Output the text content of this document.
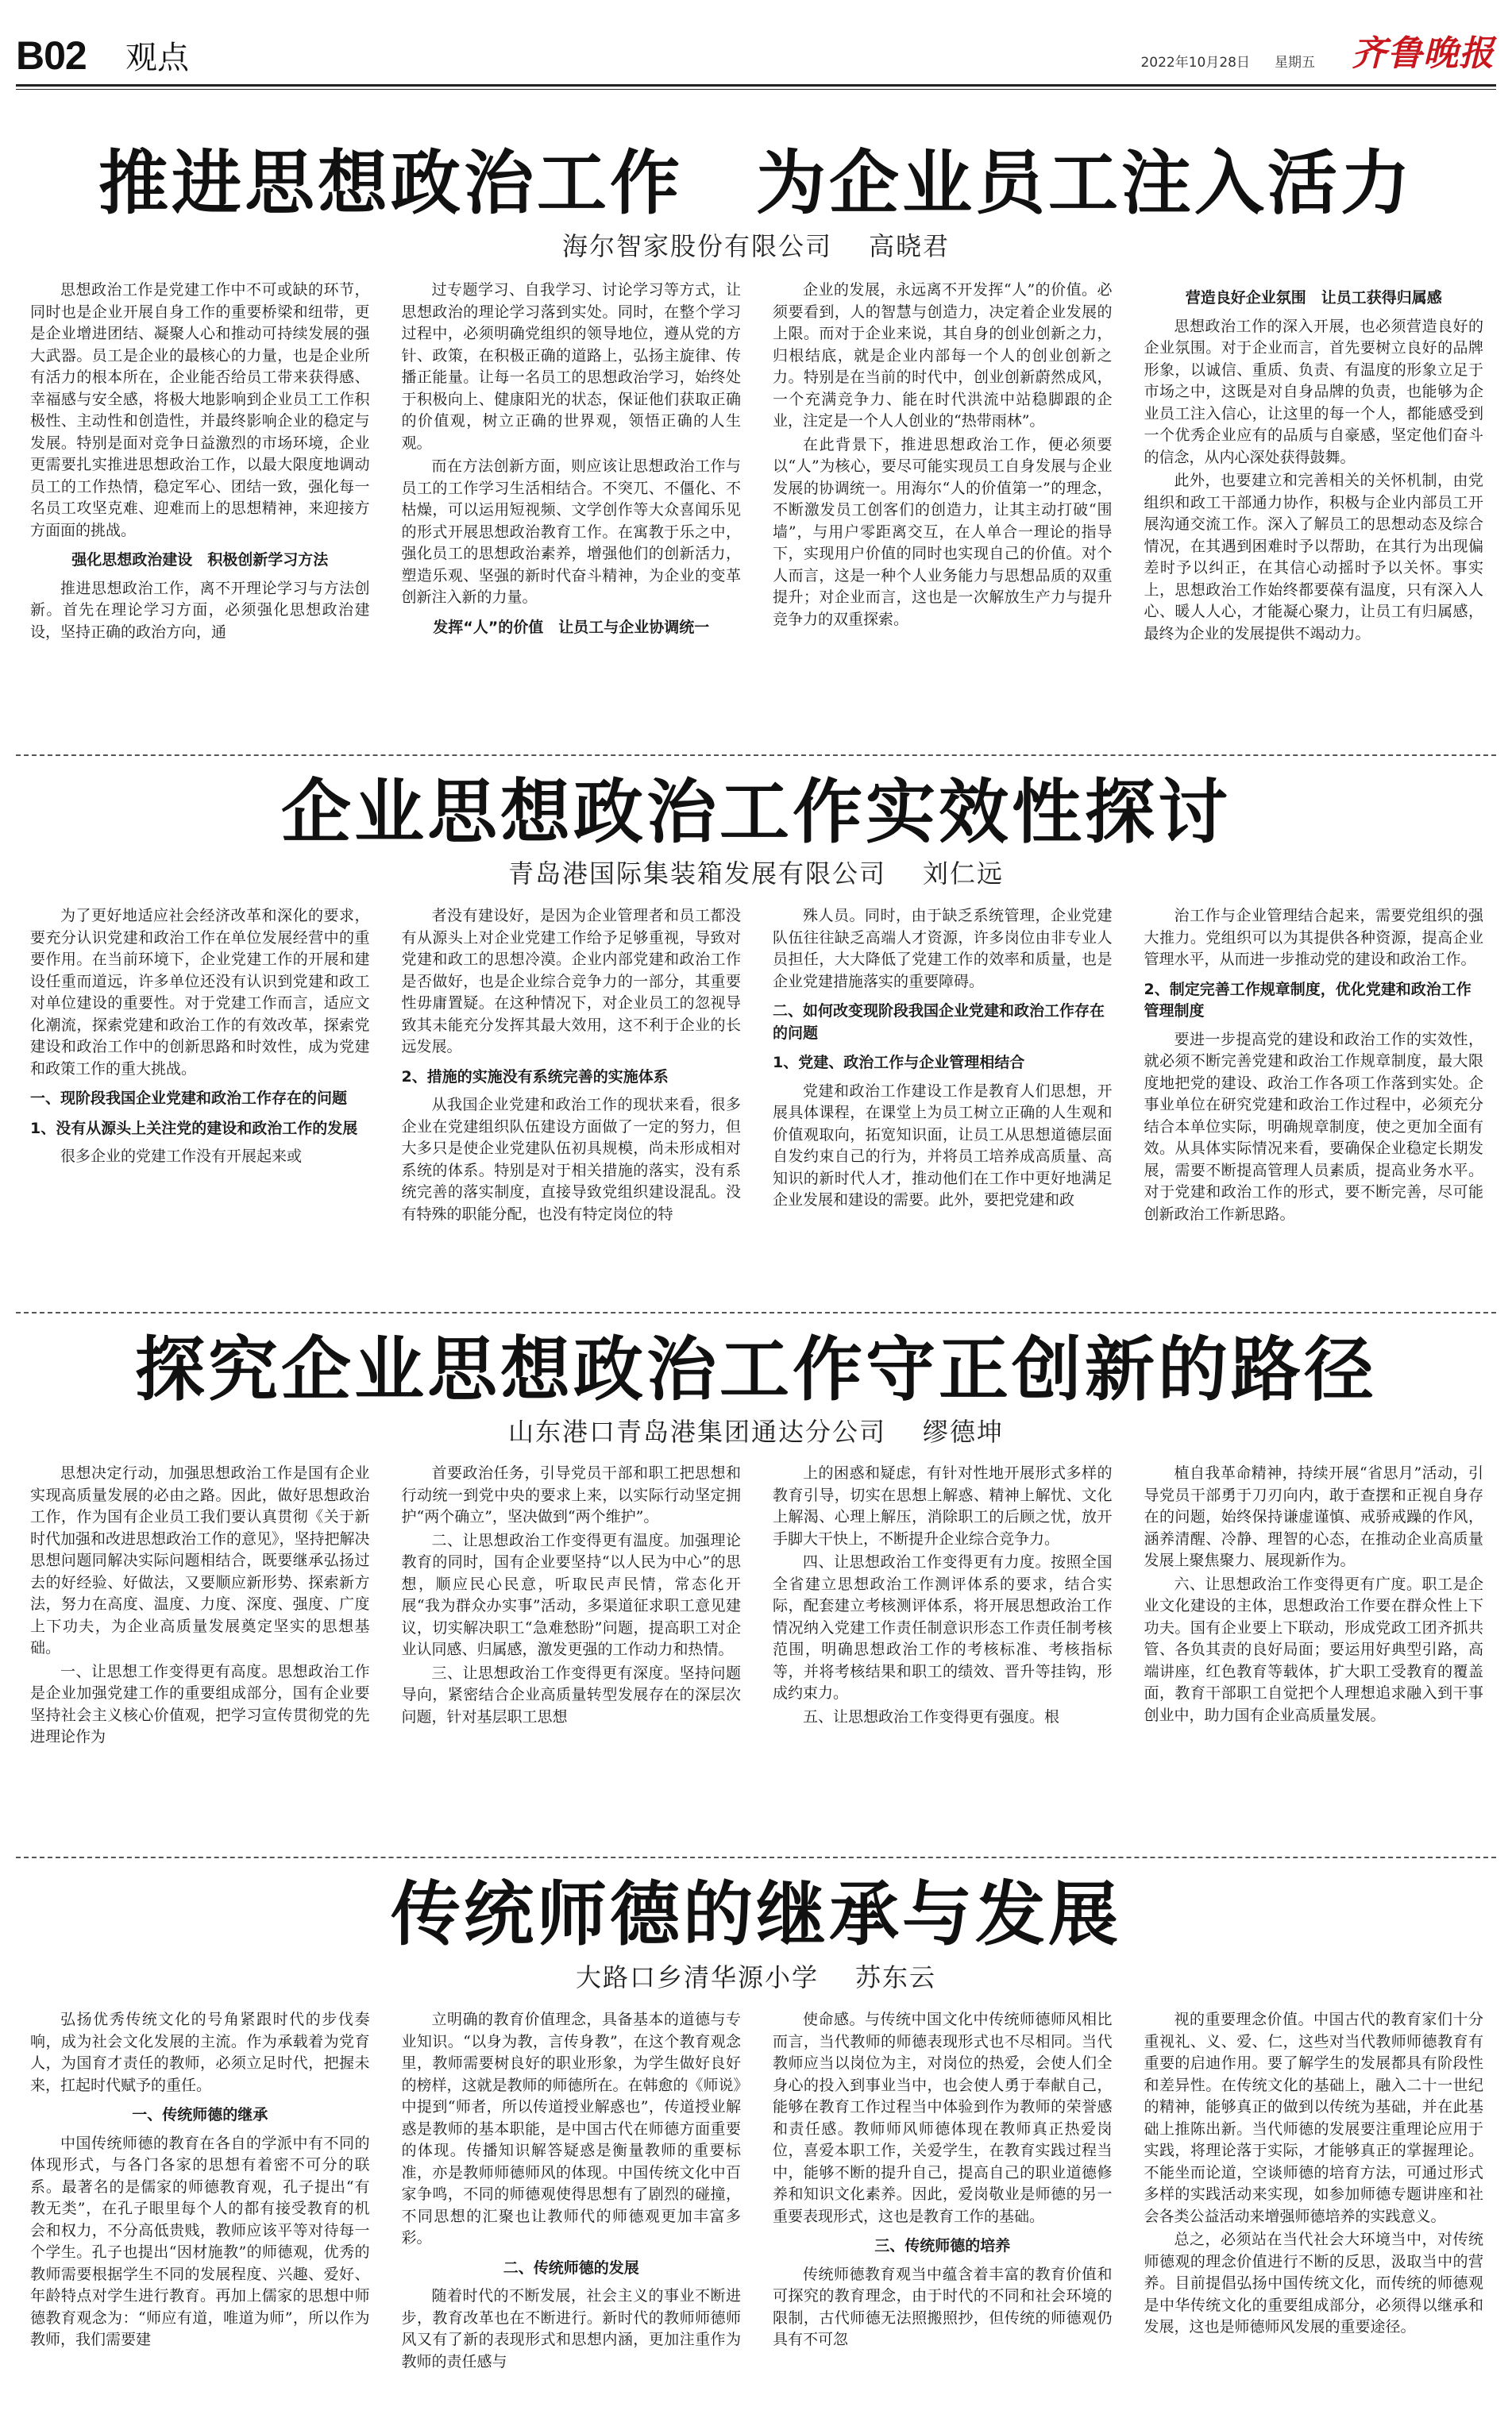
B02 观点	2022年10月28日 星期五 齐鲁晚报
推进思想政治工作　为企业员工注入活力
海尔智家股份有限公司 高晓君

思想政治工作是党建工作中不可或缺的环节，同时也是企业开展自身工作的重要桥梁和纽带，更是企业增进团结、凝聚人心和推动可持续发展的强大武器。员工是企业的最核心的力量，也是企业所有活力的根本所在，企业能否给员工带来获得感、幸福感与安全感，将极大地影响到企业员工工作积极性、主动性和创造性，并最终影响企业的稳定与发展。特别是面对竞争日益激烈的市场环境，企业更需要扎实推进思想政治工作，以最大限度地调动员工的工作热情，稳定军心、团结一致，强化每一名员工攻坚克难、迎难而上的思想精神，来迎接方方面面的挑战。

强化思想政治建设　积极创新学习方法

推进思想政治工作，离不开理论学习与方法创新。首先在理论学习方面，必须强化思想政治建设，坚持正确的政治方向，通

过专题学习、自我学习、讨论学习等方式，让思想政治的理论学习落到实处。同时，在整个学习过程中，必须明确党组织的领导地位，遵从党的方针、政策，在积极正确的道路上，弘扬主旋律、传播正能量。让每一名员工的思想政治学习，始终处于积极向上、健康阳光的状态，保证他们获取正确的价值观，树立正确的世界观，领悟正确的人生观。

而在方法创新方面，则应该让思想政治工作与员工的工作学习生活相结合。不突兀、不僵化、不枯燥，可以运用短视频、文学创作等大众喜闻乐见的形式开展思想政治教育工作。在寓教于乐之中，强化员工的思想政治素养，增强他们的创新活力，塑造乐观、坚强的新时代奋斗精神，为企业的变革创新注入新的力量。

发挥“人”的价值　让员工与企业协调统一

企业的发展，永远离不开发挥“人”的价值。必须要看到，人的智慧与创造力，决定着企业发展的上限。而对于企业来说，其自身的创业创新之力，归根结底，就是企业内部每一个人的创业创新之力。特别是在当前的时代中，创业创新蔚然成风，一个充满竞争力、能在时代洪流中站稳脚跟的企业，注定是一个人人创业的“热带雨林”。

在此背景下，推进思想政治工作，便必须要以“人”为核心，要尽可能实现员工自身发展与企业发展的协调统一。用海尔“人的价值第一”的理念，不断激发员工创客们的创造力，让其主动打破“围墙”，与用户零距离交互，在人单合一理论的指导下，实现用户价值的同时也实现自己的价值。对个人而言，这是一种个人业务能力与思想品质的双重提升；对企业而言，这也是一次解放生产力与提升竞争力的双重探索。

营造良好企业氛围　让员工获得归属感

思想政治工作的深入开展，也必须营造良好的企业氛围。对于企业而言，首先要树立良好的品牌形象，以诚信、重质、负责、有温度的形象立足于市场之中，这既是对自身品牌的负责，也能够为企业员工注入信心，让这里的每一个人，都能感受到一个优秀企业应有的品质与自豪感，坚定他们奋斗的信念，从内心深处获得鼓舞。

此外，也要建立和完善相关的关怀机制，由党组织和政工干部通力协作，积极与企业内部员工开展沟通交流工作。深入了解员工的思想动态及综合情况，在其遇到困难时予以帮助，在其行为出现偏差时予以纠正，在其信心动摇时予以关怀。事实上，思想政治工作始终都要葆有温度，只有深入人心、暖人人心，才能凝心聚力，让员工有归属感，最终为企业的发展提供不竭动力。

企业思想政治工作实效性探讨
青岛港国际集装箱发展有限公司 刘仁远

为了更好地适应社会经济改革和深化的要求，要充分认识党建和政治工作在单位发展经营中的重要作用。在当前环境下，企业党建工作的开展和建设任重而道远，许多单位还没有认识到党建和政工对单位建设的重要性。对于党建工作而言，适应文化潮流，探索党建和政治工作的有效改革，探索党建设和政治工作中的创新思路和时效性，成为党建和政策工作的重大挑战。

一、现阶段我国企业党建和政治工作存在的问题

1、没有从源头上关注党的建设和政治工作的发展

很多企业的党建工作没有开展起来或

者没有建设好，是因为企业管理者和员工都没有从源头上对企业党建工作给予足够重视，导致对党建和政工的思想冷漠。企业内部党建和政治工作是否做好，也是企业综合竞争力的一部分，其重要性毋庸置疑。在这种情况下，对企业员工的忽视导致其未能充分发挥其最大效用，这不利于企业的长远发展。

2、措施的实施没有系统完善的实施体系

从我国企业党建和政治工作的现状来看，很多企业在党建组织队伍建设方面做了一定的努力，但大多只是使企业党建队伍初具规模，尚未形成相对系统的体系。特别是对于相关措施的落实，没有系统完善的落实制度，直接导致党组织建设混乱。没有特殊的职能分配，也没有特定岗位的特

殊人员。同时，由于缺乏系统管理，企业党建队伍往往缺乏高端人才资源，许多岗位由非专业人员担任，大大降低了党建工作的效率和质量，也是企业党建措施落实的重要障碍。

二、如何改变现阶段我国企业党建和政治工作存在的问题

1、党建、政治工作与企业管理相结合

党建和政治工作建设工作是教育人们思想，开展具体课程，在课堂上为员工树立正确的人生观和价值观取向，拓宽知识面，让员工从思想道德层面自发约束自己的行为，并将员工培养成高质量、高知识的新时代人才，推动他们在工作中更好地满足企业发展和建设的需要。此外，要把党建和政

治工作与企业管理结合起来，需要党组织的强大推力。党组织可以为其提供各种资源，提高企业管理水平，从而进一步推动党的建设和政治工作。

2、制定完善工作规章制度，优化党建和政治工作管理制度

要进一步提高党的建设和政治工作的实效性，就必须不断完善党建和政治工作规章制度，最大限度地把党的建设、政治工作各项工作落到实处。企事业单位在研究党建和政治工作过程中，必须充分结合本单位实际，明确规章制度，使之更加全面有效。从具体实际情况来看，要确保企业稳定长期发展，需要不断提高管理人员素质，提高业务水平。对于党建和政治工作的形式，要不断完善，尽可能创新政治工作新思路。

探究企业思想政治工作守正创新的路径
山东港口青岛港集团通达分公司 缪德坤

思想决定行动，加强思想政治工作是国有企业实现高质量发展的必由之路。因此，做好思想政治工作，作为国有企业员工我们要认真贯彻《关于新时代加强和改进思想政治工作的意见》，坚持把解决思想问题同解决实际问题相结合，既要继承弘扬过去的好经验、好做法，又要顺应新形势、探索新方法，努力在高度、温度、力度、深度、强度、广度上下功夫，为企业高质量发展奠定坚实的思想基础。

一、让思想工作变得更有高度。思想政治工作是企业加强党建工作的重要组成部分，国有企业要坚持社会主义核心价值观，把学习宣传贯彻党的先进理论作为

首要政治任务，引导党员干部和职工把思想和行动统一到党中央的要求上来，以实际行动坚定拥护“两个确立”，坚决做到“两个维护”。

二、让思想政治工作变得更有温度。加强理论教育的同时，国有企业要坚持“以人民为中心”的思想，顺应民心民意，听取民声民情，常态化开展“我为群众办实事”活动，多渠道征求职工意见建议，切实解决职工“急难愁盼”问题，提高职工对企业认同感、归属感，激发更强的工作动力和热情。

三、让思想政治工作变得更有深度。坚持问题导向，紧密结合企业高质量转型发展存在的深层次问题，针对基层职工思想

上的困惑和疑虑，有针对性地开展形式多样的教育引导，切实在思想上解惑、精神上解忧、文化上解渴、心理上解压，消除职工的后顾之忧，放开手脚大干快上，不断提升企业综合竞争力。

四、让思想政治工作变得更有力度。按照全国全省建立思想政治工作测评体系的要求，结合实际，配套建立考核测评体系，将开展思想政治工作情况纳入党建工作责任制意识形态工作责任制考核范围，明确思想政治工作的考核标准、考核指标等，并将考核结果和职工的绩效、晋升等挂钩，形成约束力。

五、让思想政治工作变得更有强度。根

植自我革命精神，持续开展“省思月”活动，引导党员干部勇于刀刃向内，敢于查摆和正视自身存在的问题，始终保持谦虚谨慎、戒骄戒躁的作风，涵养清醒、冷静、理智的心态，在推动企业高质量发展上聚焦聚力、展现新作为。

六、让思想政治工作变得更有广度。职工是企业文化建设的主体，思想政治工作要在群众性上下功夫。国有企业要上下联动，形成党政工团齐抓共管、各负其责的良好局面；要运用好典型引路，高端讲座，红色教育等载体，扩大职工受教育的覆盖面，教育干部职工自觉把个人理想追求融入到干事创业中，助力国有企业高质量发展。

传统师德的继承与发展
大路口乡清华源小学 苏东云

弘扬优秀传统文化的号角紧跟时代的步伐奏响，成为社会文化发展的主流。作为承载着为党育人，为国育才责任的教师，必须立足时代，把握未来，扛起时代赋予的重任。

一、传统师德的继承

中国传统师德的教育在各自的学派中有不同的体现形式，与各门各家的思想有着密不可分的联系。最著名的是儒家的师德教育观，孔子提出“有教无类”，在孔子眼里每个人的都有接受教育的机会和权力，不分高低贵贱，教师应该平等对待每一个学生。孔子也提出“因材施教”的师德观，优秀的教师需要根据学生不同的发展程度、兴趣、爱好、年龄特点对学生进行教育。再加上儒家的思想中师德教育观念为：“师应有道，唯道为师”，所以作为教师，我们需要建

立明确的教育价值理念，具备基本的道德与专业知识。“以身为教，言传身教”，在这个教育观念里，教师需要树良好的职业形象，为学生做好良好的榜样，这就是教师的师德所在。在韩愈的《师说》中提到“师者，所以传道授业解惑也”，传道授业解惑是教师的基本职能，是中国古代在师德方面重要的体现。传播知识解答疑惑是衡量教师的重要标准，亦是教师师德师风的体现。中国传统文化中百家争鸣，不同的师德观使得思想有了剧烈的碰撞，不同思想的汇聚也让教师代的师德观更加丰富多彩。

二、传统师德的发展

随着时代的不断发展，社会主义的事业不断进步，教育改革也在不断进行。新时代的教师师德师风又有了新的表现形式和思想内涵，更加注重作为教师的责任感与

使命感。与传统中国文化中传统师德师风相比而言，当代教师的师德表现形式也不尽相同。当代教师应当以岗位为主，对岗位的热爱，会使人们全身心的投入到事业当中，也会使人勇于奉献自己，能够在教育工作过程当中体验到作为教师的荣誉感和责任感。教师师风师德体现在教师真正热爱岗位，喜爱本职工作，关爱学生，在教育实践过程当中，能够不断的提升自己，提高自己的职业道德修养和知识文化素养。因此，爱岗敬业是师德的另一重要表现形式，这也是教育工作的基础。

三、传统师德的培养

传统师德教育观当中蕴含着丰富的教育价值和可探究的教育理念，由于时代的不同和社会环境的限制，古代师德无法照搬照抄，但传统的师德观仍具有不可忽

视的重要理念价值。中国古代的教育家们十分重视礼、义、爱、仁，这些对当代教师师德教育有重要的启迪作用。要了解学生的发展都具有阶段性和差异性。在传统文化的基础上，融入二十一世纪的精神，能够真正的做到以传统为基础，并在此基础上推陈出新。当代师德的发展要注重理论应用于实践，将理论落于实际，才能够真正的掌握理论。不能坐而论道，空谈师德的培育方法，可通过形式多样的实践活动来实现，如参加师德专题讲座和社会各类公益活动来增强师德培养的实践意义。

总之，必须站在当代社会大环境当中，对传统师德观的理念价值进行不断的反思，汲取当中的营养。目前提倡弘扬中国传统文化，而传统的师德观是中华传统文化的重要组成部分，必须得以继承和发展，这也是师德师风发展的重要途径。
